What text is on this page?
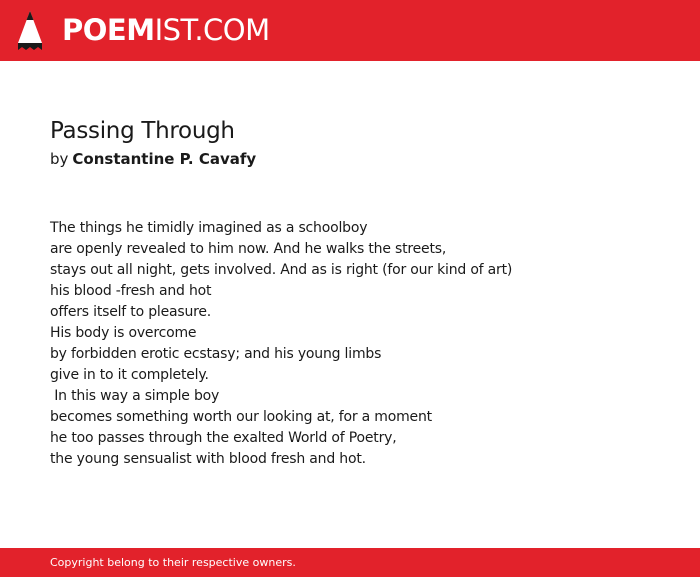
POEMIST.COM
Passing Through
by Constantine P. Cavafy
The things he timidly imagined as a schoolboy
are openly revealed to him now. And he walks the streets,
stays out all night, gets involved. And as is right (for our kind of art)
his blood -fresh and hot
offers itself to pleasure.
His body is overcome
by forbidden erotic ecstasy; and his young limbs
give in to it completely.
In this way a simple boy
becomes something worth our looking at, for a moment
he too passes through the exalted World of Poetry,
the young sensualist with blood fresh and hot.
Copyright belong to their respective owners.
